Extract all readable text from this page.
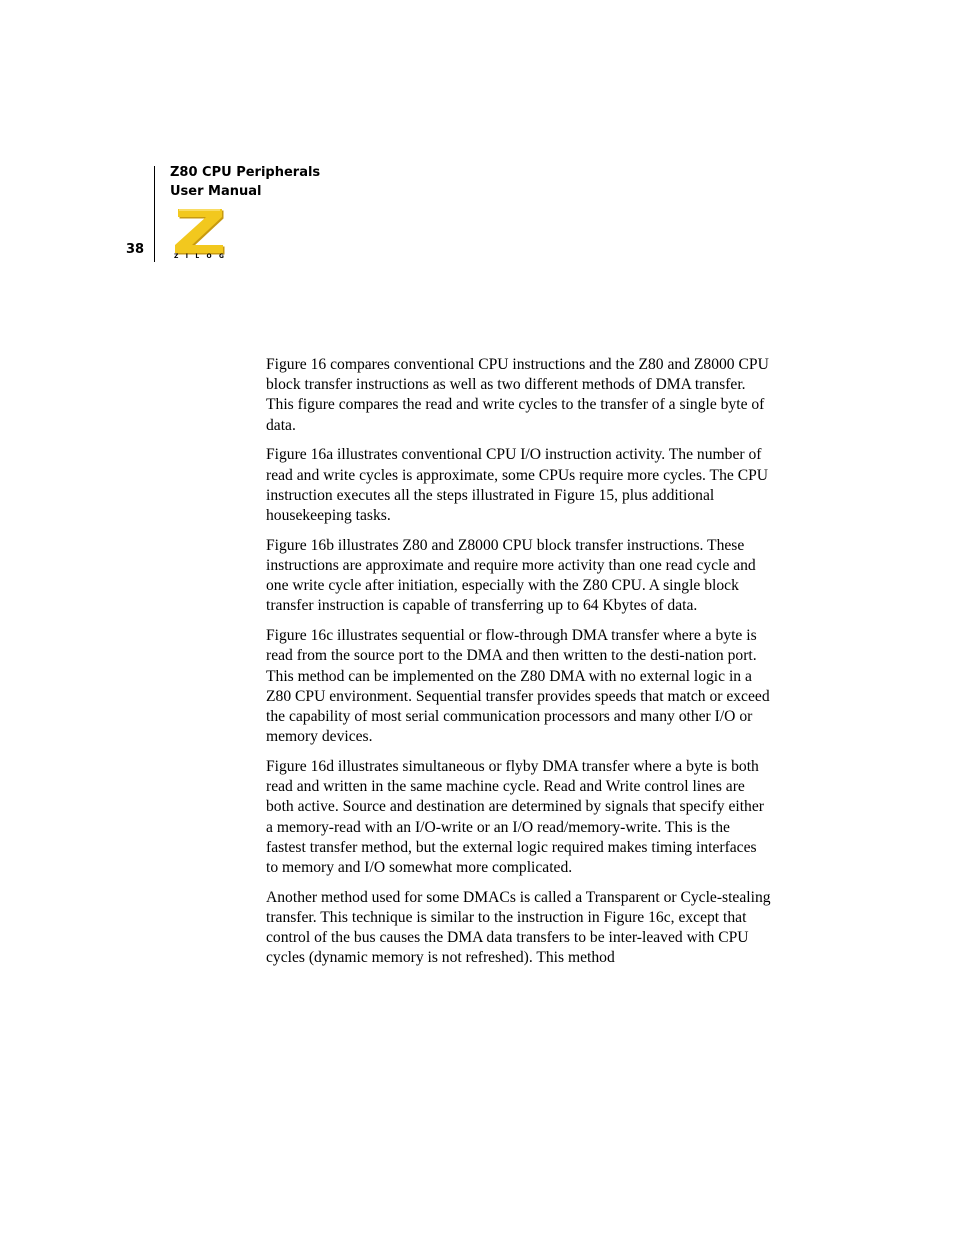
38
Z80 CPU Peripherals
User Manual
Z I L O G

Figure 16 compares conventional CPU instructions and the Z80 and Z8000 CPU block transfer instructions as well as two different methods of DMA transfer. This figure compares the read and write cycles to the transfer of a single byte of data.

Figure 16a illustrates conventional CPU I/O instruction activity. The number of read and write cycles is approximate, some CPUs require more cycles. The CPU instruction executes all the steps illustrated in Figure 15, plus additional housekeeping tasks.

Figure 16b illustrates Z80 and Z8000 CPU block transfer instructions. These instructions are approximate and require more activity than one read cycle and one write cycle after initiation, especially with the Z80 CPU. A single block transfer instruction is capable of transferring up to 64 Kbytes of data.

Figure 16c illustrates sequential or flow-through DMA transfer where a byte is read from the source port to the DMA and then written to the desti-nation port. This method can be implemented on the Z80 DMA with no external logic in a Z80 CPU environment. Sequential transfer provides speeds that match or exceed the capability of most serial communication processors and many other I/O or memory devices.

Figure 16d illustrates simultaneous or flyby DMA transfer where a byte is both read and written in the same machine cycle. Read and Write control lines are both active. Source and destination are determined by signals that specify either a memory-read with an I/O-write or an I/O read/memory-write. This is the fastest transfer method, but the external logic required makes timing interfaces to memory and I/O somewhat more complicated.

Another method used for some DMACs is called a Transparent or Cycle-stealing transfer. This technique is similar to the instruction in Figure 16c, except that control of the bus causes the DMA data transfers to be inter-leaved with CPU cycles (dynamic memory is not refreshed). This method
